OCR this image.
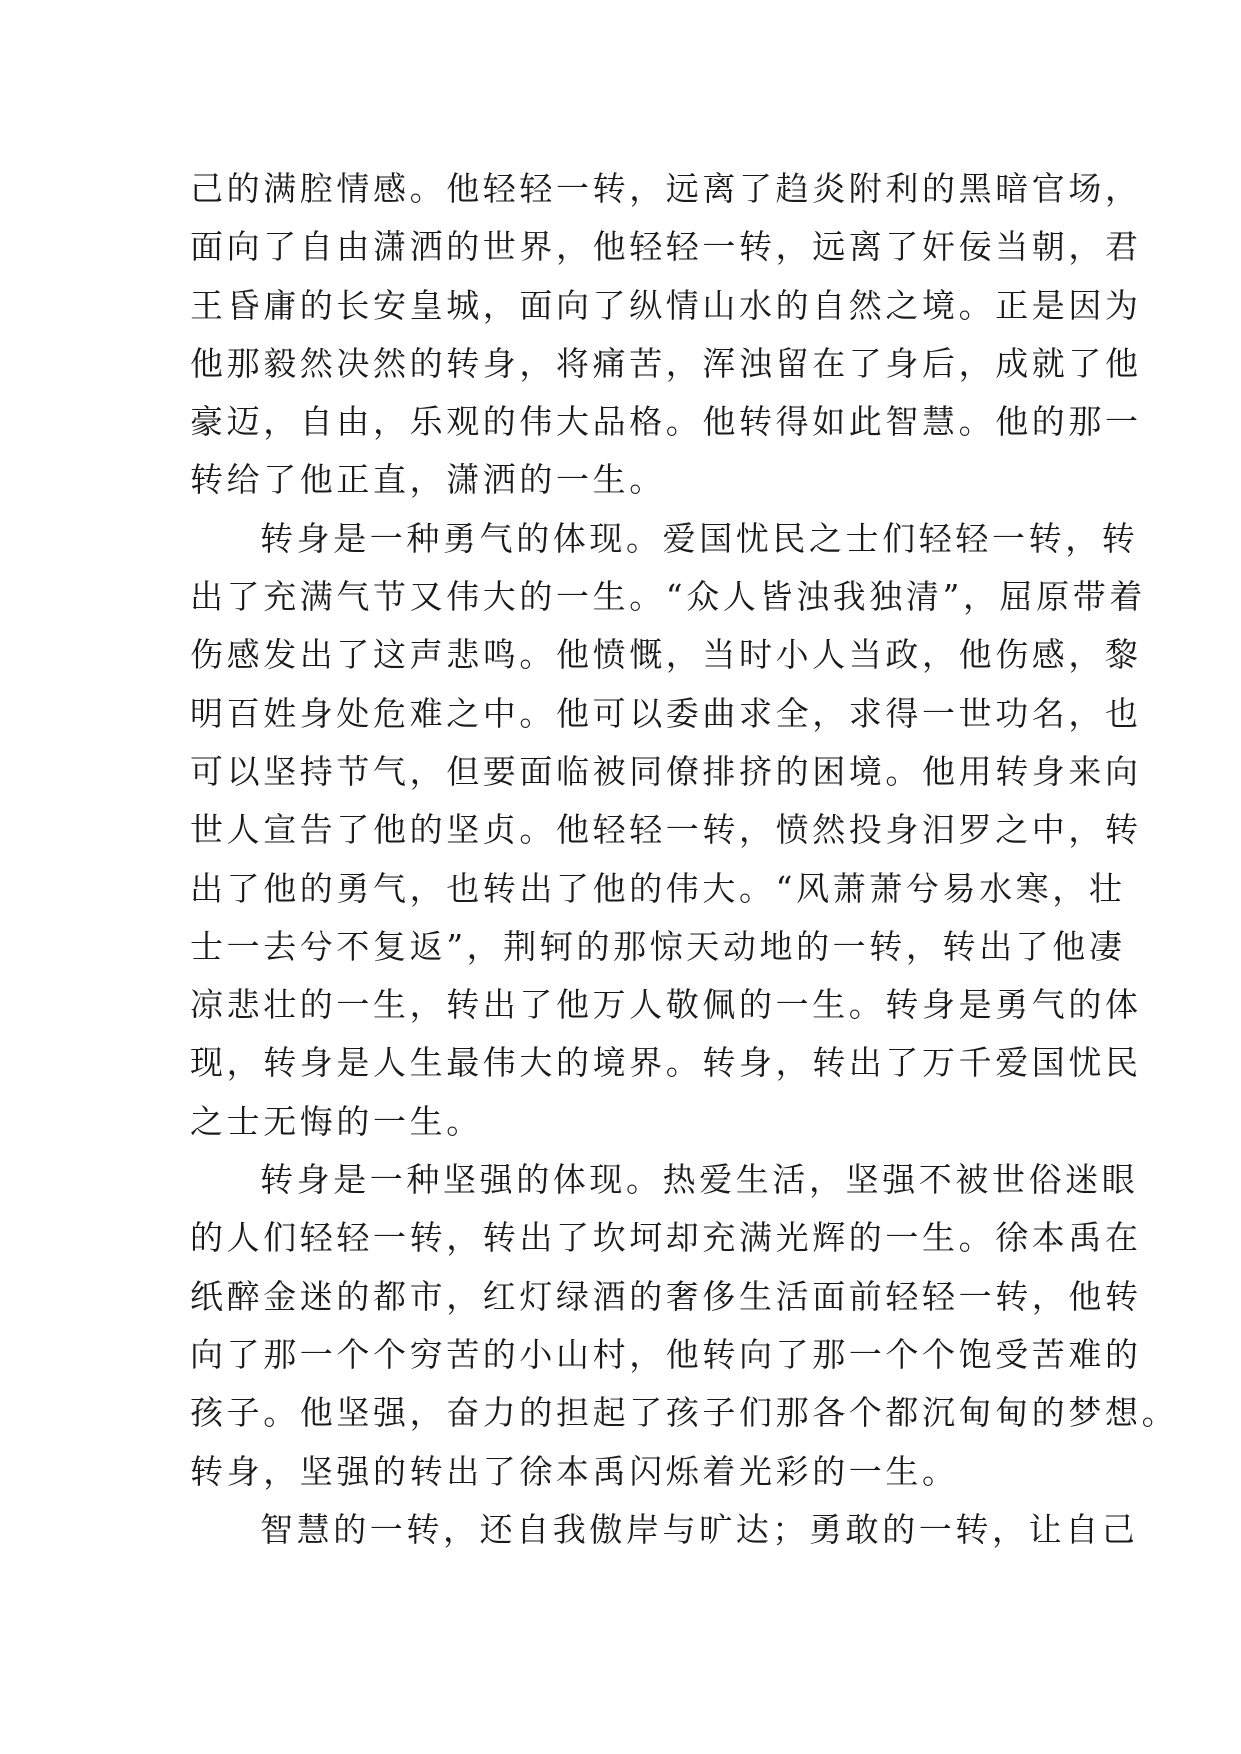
己的满腔情感。他轻轻一转，远离了趋炎附利的黑暗官场，
面向了自由潇洒的世界，他轻轻一转，远离了奸佞当朝，君
王昏庸的长安皇城，面向了纵情山水的自然之境。正是因为
他那毅然决然的转身，将痛苦，浑浊留在了身后，成就了他
豪迈，自由，乐观的伟大品格。他转得如此智慧。他的那一
转给了他正直，潇洒的一生。
转身是一种勇气的体现。爱国忧民之士们轻轻一转，转
出了充满气节又伟大的一生。“众人皆浊我独清”，屈原带着
伤感发出了这声悲鸣。他愤慨，当时小人当政，他伤感，黎
明百姓身处危难之中。他可以委曲求全，求得一世功名，也
可以坚持节气，但要面临被同僚排挤的困境。他用转身来向
世人宣告了他的坚贞。他轻轻一转，愤然投身汨罗之中，转
出了他的勇气，也转出了他的伟大。“风萧萧兮易水寒，壮
士一去兮不复返”，荆轲的那惊天动地的一转，转出了他凄
凉悲壮的一生，转出了他万人敬佩的一生。转身是勇气的体
现，转身是人生最伟大的境界。转身，转出了万千爱国忧民
之士无悔的一生。
转身是一种坚强的体现。热爱生活，坚强不被世俗迷眼
的人们轻轻一转，转出了坎坷却充满光辉的一生。徐本禹在
纸醉金迷的都市，红灯绿酒的奢侈生活面前轻轻一转，他转
向了那一个个穷苦的小山村，他转向了那一个个饱受苦难的
孩子。他坚强，奋力的担起了孩子们那各个都沉甸甸的梦想。
转身，坚强的转出了徐本禹闪烁着光彩的一生。
智慧的一转，还自我傲岸与旷达；勇敢的一转，让自己
